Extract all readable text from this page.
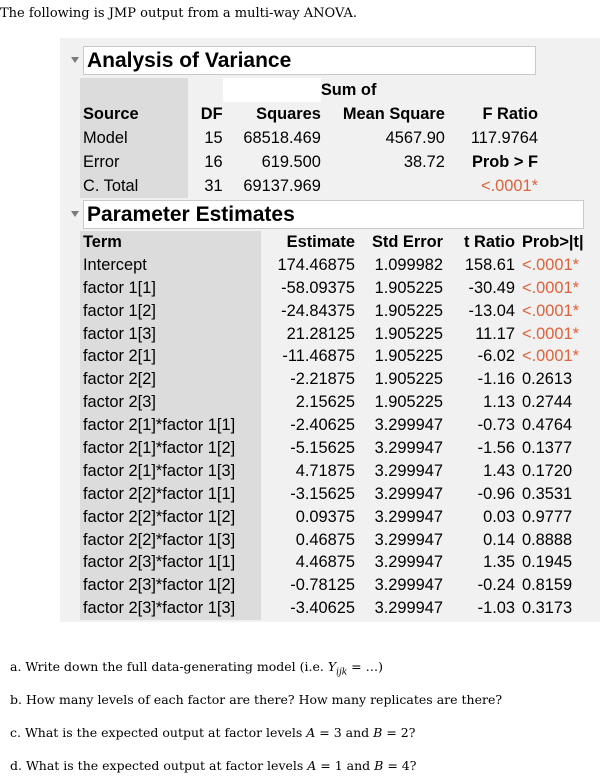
The following is JMP output from a multi-way ANOVA.
Analysis of Variance
			Sum of	
Source	DF	Squares	Mean Square	F Ratio
Model	15	68518.469	4567.90	117.9764
Error	16	619.500	38.72	Prob > F
C. Total	31	69137.969		<.0001*
Parameter Estimates
Term	Estimate	Std Error	t Ratio	Prob>|t|
Intercept	174.46875	1.099982	158.61	<.0001*
factor 1[1]	-58.09375	1.905225	-30.49	<.0001*
factor 1[2]	-24.84375	1.905225	-13.04	<.0001*
factor 1[3]	21.28125	1.905225	11.17	<.0001*
factor 2[1]	-11.46875	1.905225	-6.02	<.0001*
factor 2[2]	-2.21875	1.905225	-1.16	0.2613
factor 2[3]	2.15625	1.905225	1.13	0.2744
factor 2[1]*factor 1[1]	-2.40625	3.299947	-0.73	0.4764
factor 2[1]*factor 1[2]	-5.15625	3.299947	-1.56	0.1377
factor 2[1]*factor 1[3]	4.71875	3.299947	1.43	0.1720
factor 2[2]*factor 1[1]	-3.15625	3.299947	-0.96	0.3531
factor 2[2]*factor 1[2]	0.09375	3.299947	0.03	0.9777
factor 2[2]*factor 1[3]	0.46875	3.299947	0.14	0.8888
factor 2[3]*factor 1[1]	4.46875	3.299947	1.35	0.1945
factor 2[3]*factor 1[2]	-0.78125	3.299947	-0.24	0.8159
factor 2[3]*factor 1[3]	-3.40625	3.299947	-1.03	0.3173
a. Write down the full data-generating model (i.e. $Y_{ijk}$ = …)
b. How many levels of each factor are there? How many replicates are there?
c. What is the expected output at factor levels A = 3 and B = 2?
d. What is the expected output at factor levels A = 1 and B = 4?
